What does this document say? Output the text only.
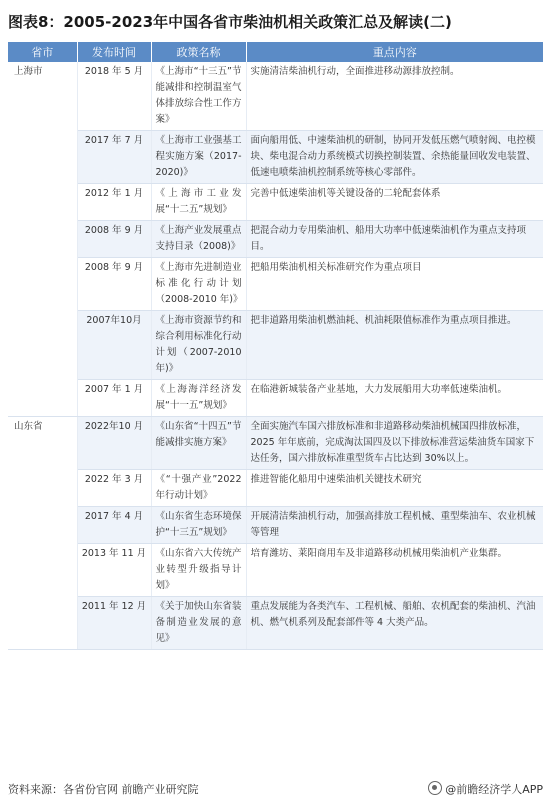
图表8：2005-2023年中国各省市柴油机相关政策汇总及解读(二)
省市	发布时间	政策名称	重点内容
上海市	2018 年 5 月	《上海市“十三五”节能减排和控制温室气体排放综合性工作方案》	实施清洁柴油机行动，全面推进移动源排放控制。
	2017 年 7 月	《上海市工业强基工程实施方案（2017-2020)》	面向船用低、中速柴油机的研制，协同开发低压燃气喷射阀、电控模块、柴电混合动力系统模式切换控制装置、余热能量回收发电装置、低速电喷柴油机控制系统等核心零部件。
	2012 年 1 月	《上海市工业发展“十二五”规划》	完善中低速柴油机等关键设备的二轮配套体系
	2008 年 9 月	《上海产业发展重点支持目录（2008)》	把混合动力专用柴油机、船用大功率中低速柴油机作为重点支持项目。
	2008 年 9 月	《上海市先进制造业标准化行动计划（2008-2010 年)》	把船用柴油机相关标准研究作为重点项目
	2007年10月	《上海市资源节约和综合利用标准化行动计划（2007-2010 年)》	把非道路用柴油机燃油耗、机油耗限值标准作为重点项目推进。
	2007 年 1 月	《上海海洋经济发展“十一五”规划》	在临港新城装备产业基地，大力发展船用大功率低速柴油机。
山东省	2022年10 月	《山东省“十四五”节能减排实施方案》	全面实施汽车国六排放标准和非道路移动柴油机械国四排放标准，2025 年年底前，完成淘汰国四及以下排放标准营运柴油货车国家下达任务，国六排放标准重型货车占比达到 30%以上。
	2022 年 3 月	《“十强产业”2022 年行动计划》	推进智能化船用中速柴油机关键技术研究
	2017 年 4 月	《山东省生态环境保护“十三五”规划》	开展清洁柴油机行动，加强高排放工程机械、重型柴油车、农业机械等管理
	2013 年 11 月	《山东省六大传统产业转型升级指导计划》	培育潍坊、莱阳商用车及非道路移动机械用柴油机产业集群。
	2011 年 12 月	《关于加快山东省装备制造业发展的意见》	重点发展能为各类汽车、工程机械、船舶、农机配套的柴油机、汽油机、燃气机系列及配套部件等 4 大类产品。
资料来源：各省份官网 前瞻产业研究院	@前瞻经济学人APP
